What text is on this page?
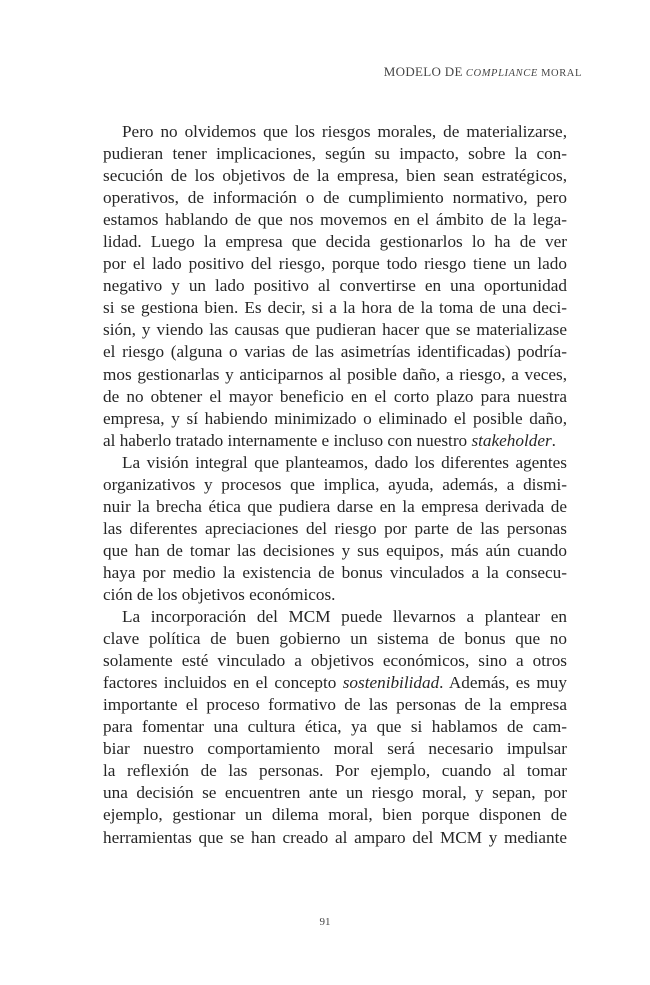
MODELO DE COMPLIANCE MORAL
Pero no olvidemos que los riesgos morales, de materializarse,
pudieran tener implicaciones, según su impacto, sobre la con-
secución de los objetivos de la empresa, bien sean estratégicos,
operativos, de información o de cumplimiento normativo, pero
estamos hablando de que nos movemos en el ámbito de la lega-
lidad. Luego la empresa que decida gestionarlos lo ha de ver
por el lado positivo del riesgo, porque todo riesgo tiene un lado
negativo y un lado positivo al convertirse en una oportunidad
si se gestiona bien. Es decir, si a la hora de la toma de una deci-
sión, y viendo las causas que pudieran hacer que se materializase
el riesgo (alguna o varias de las asimetrías identificadas) podría-
mos gestionarlas y anticiparnos al posible daño, a riesgo, a veces,
de no obtener el mayor beneficio en el corto plazo para nuestra
empresa, y sí habiendo minimizado o eliminado el posible daño,
al haberlo tratado internamente e incluso con nuestro stakeholder.
La visión integral que planteamos, dado los diferentes agentes
organizativos y procesos que implica, ayuda, además, a dismi-
nuir la brecha ética que pudiera darse en la empresa derivada de
las diferentes apreciaciones del riesgo por parte de las personas
que han de tomar las decisiones y sus equipos, más aún cuando
haya por medio la existencia de bonus vinculados a la consecu-
ción de los objetivos económicos.
La incorporación del MCM puede llevarnos a plantear en
clave política de buen gobierno un sistema de bonus que no
solamente esté vinculado a objetivos económicos, sino a otros
factores incluidos en el concepto sostenibilidad. Además, es muy
importante el proceso formativo de las personas de la empresa
para fomentar una cultura ética, ya que si hablamos de cam-
biar nuestro comportamiento moral será necesario impulsar
la reflexión de las personas. Por ejemplo, cuando al tomar
una decisión se encuentren ante un riesgo moral, y sepan, por
ejemplo, gestionar un dilema moral, bien porque disponen de
herramientas que se han creado al amparo del MCM y mediante
91
